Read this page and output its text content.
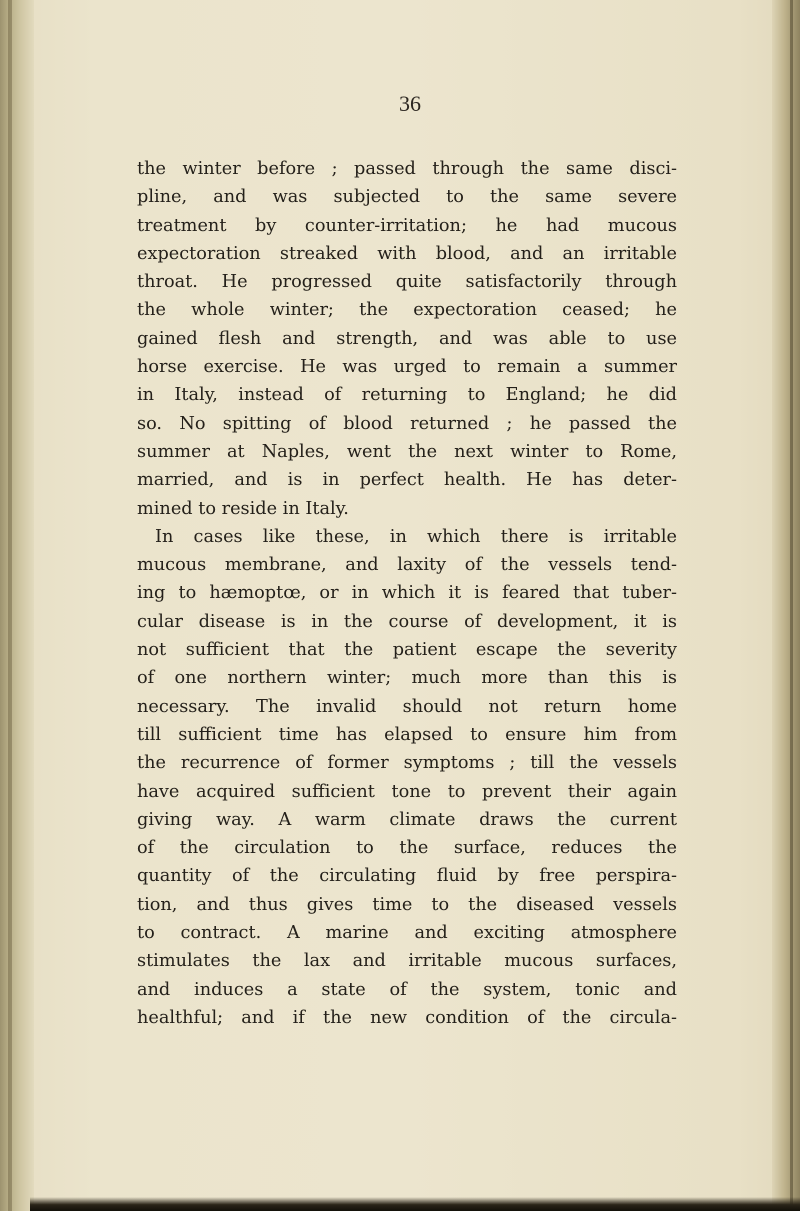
36
the winter before ; passed through the same disci-
pline, and was subjected to the same severe
treatment by counter-irritation; he had mucous
expectoration streaked with blood, and an irritable
throat. He progressed quite satisfactorily through
the whole winter; the expectoration ceased; he
gained flesh and strength, and was able to use
horse exercise. He was urged to remain a summer
in Italy, instead of returning to England; he did
so. No spitting of blood returned ; he passed the
summer at Naples, went the next winter to Rome,
married, and is in perfect health. He has deter-
mined to reside in Italy.
In cases like these, in which there is irritable
mucous membrane, and laxity of the vessels tend-
ing to hæmoptœ, or in which it is feared that tuber-
cular disease is in the course of development, it is
not sufficient that the patient escape the severity
of one northern winter; much more than this is
necessary. The invalid should not return home
till sufficient time has elapsed to ensure him from
the recurrence of former symptoms ; till the vessels
have acquired sufficient tone to prevent their again
giving way. A warm climate draws the current
of the circulation to the surface, reduces the
quantity of the circulating fluid by free perspira-
tion, and thus gives time to the diseased vessels
to contract. A marine and exciting atmosphere
stimulates the lax and irritable mucous surfaces,
and induces a state of the system, tonic and
healthful; and if the new condition of the circula-
